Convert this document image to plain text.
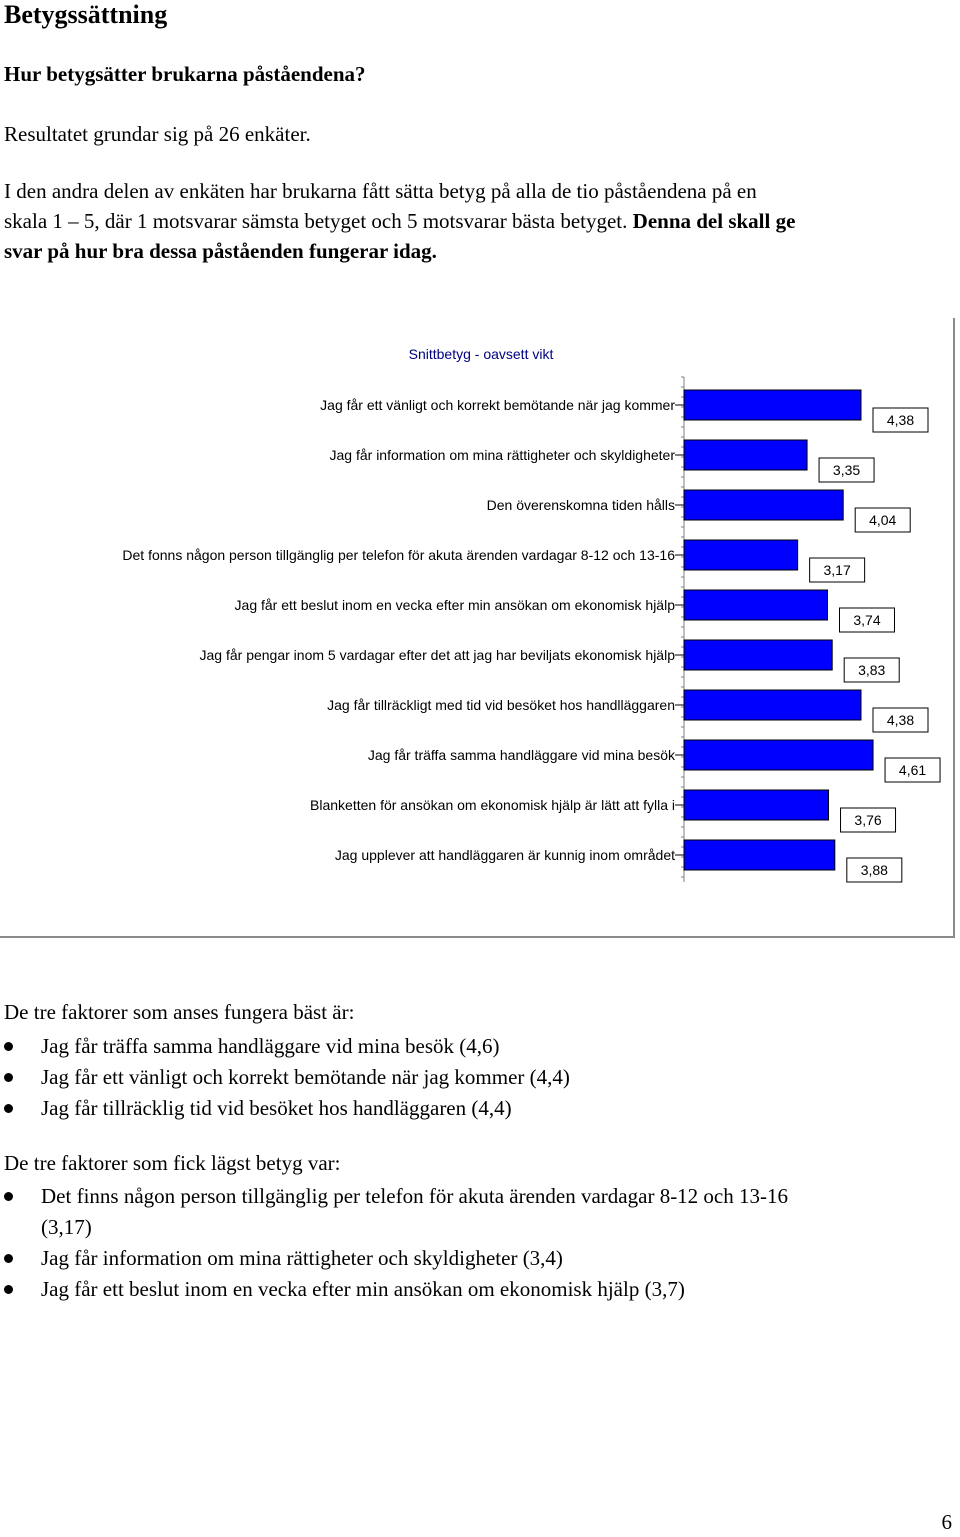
Betygssättning
Hur betygsätter brukarna påståendena?
Resultatet grundar sig på 26 enkäter.
I den andra delen av enkäten har brukarna fått sätta betyg på alla de tio påståendena på en
skala 1 – 5, där 1 motsvarar sämsta betyget och 5 motsvarar bästa betyget. Denna del skall ge
svar på hur bra dessa påståenden fungerar idag.
Snittbetyg - oavsett vikt
Jag får ett vänligt och korrekt bemötande när jag kommer
4,38
Jag får information om mina rättigheter och skyldigheter
3,35
Den överenskomna tiden hålls
4,04
Det fonns någon person tillgänglig per telefon för akuta ärenden vardagar 8-12 och 13-16
3,17
Jag får ett beslut inom en vecka efter min ansökan om ekonomisk hjälp
3,74
Jag får pengar inom 5 vardagar efter det att jag har beviljats ekonomisk hjälp
3,83
Jag får tillräckligt med tid vid besöket hos handlläggaren
4,38
Jag får träffa samma handläggare vid mina besök
4,61
Blanketten för ansökan om ekonomisk hjälp är lätt att fylla i
3,76
Jag upplever att handläggaren är kunnig inom området
3,88
De tre faktorer som anses fungera bäst är:
Jag får träffa samma handläggare vid mina besök (4,6)
Jag får ett vänligt och korrekt bemötande när jag kommer (4,4)
Jag får tillräcklig tid vid besöket hos handläggaren (4,4)
De tre faktorer som fick lägst betyg var:
Det finns någon person tillgänglig per telefon för akuta ärenden vardagar 8-12 och 13-16 (3,17)
Jag får information om mina rättigheter och skyldigheter (3,4)
Jag får ett beslut inom en vecka efter min ansökan om ekonomisk hjälp (3,7)
6
